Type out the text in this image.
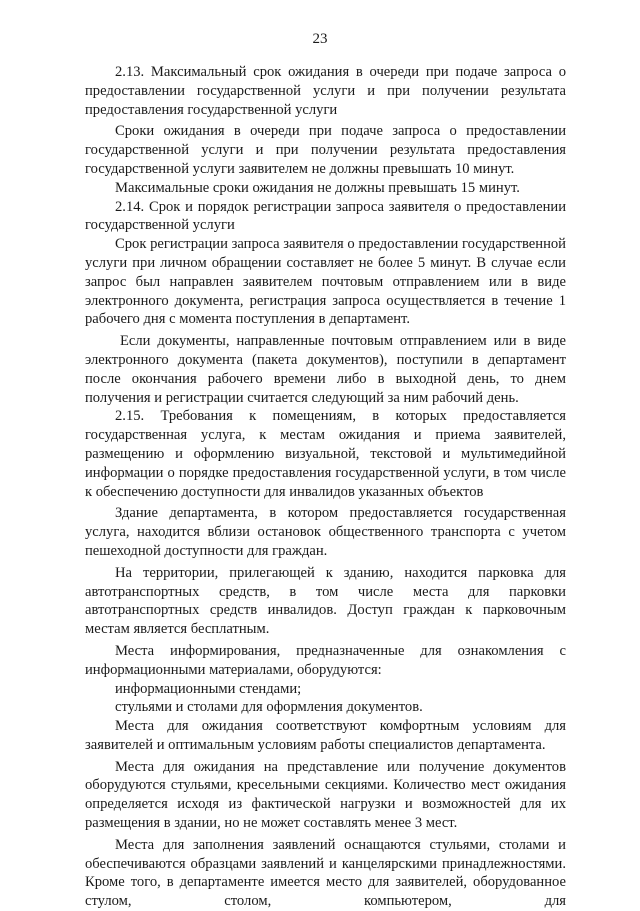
23

2.13. Максимальный срок ожидания в очереди при подаче запроса о предоставлении государственной услуги и при получении результата предоставления государственной услуги

Сроки ожидания в очереди при подаче запроса о предоставлении государственной услуги и при получении результата предоставления государственной услуги заявителем не должны превышать 10 минут.

Максимальные сроки ожидания не должны превышать 15 минут.

2.14. Срок и порядок регистрации запроса заявителя о предоставлении государственной услуги

Срок регистрации запроса заявителя о предоставлении государственной услуги при личном обращении составляет не более 5 минут. В случае если запрос был направлен заявителем почтовым отправлением или в виде электронного документа, регистрация запроса осуществляется в течение 1 рабочего дня с момента поступления в департамент.

Если документы, направленные почтовым отправлением или в виде электронного документа (пакета документов), поступили в департамент после окончания рабочего времени либо в выходной день, то днем получения и регистрации считается следующий за ним рабочий день.

2.15. Требования к помещениям, в которых предоставляется государственная услуга, к местам ожидания и приема заявителей, размещению и оформлению визуальной, текстовой и мультимедийной информации о порядке предоставления государственной услуги, в том числе к обеспечению доступности для инвалидов указанных объектов

Здание департамента, в котором предоставляется государственная услуга, находится вблизи остановок общественного транспорта с учетом пешеходной доступности для граждан.

На территории, прилегающей к зданию, находится парковка для автотранспортных средств, в том числе места для парковки автотранспортных средств инвалидов. Доступ граждан к парковочным местам является бесплатным.

Места информирования, предназначенные для ознакомления с информационными материалами, оборудуются:

информационными стендами;

стульями и столами для оформления документов.

Места для ожидания соответствуют комфортным условиям для заявителей и оптимальным условиям работы специалистов департамента.

Места для ожидания на представление или получение документов оборудуются стульями, кресельными секциями. Количество мест ожидания определяется исходя из фактической нагрузки и возможностей для их размещения в здании, но не может составлять менее 3 мест.

Места для заполнения заявлений оснащаются стульями, столами и обеспечиваются образцами заявлений и канцелярскими принадлежностями. Кроме того, в департаменте имеется место для заявителей, оборудованное стулом, столом, компьютером, для
